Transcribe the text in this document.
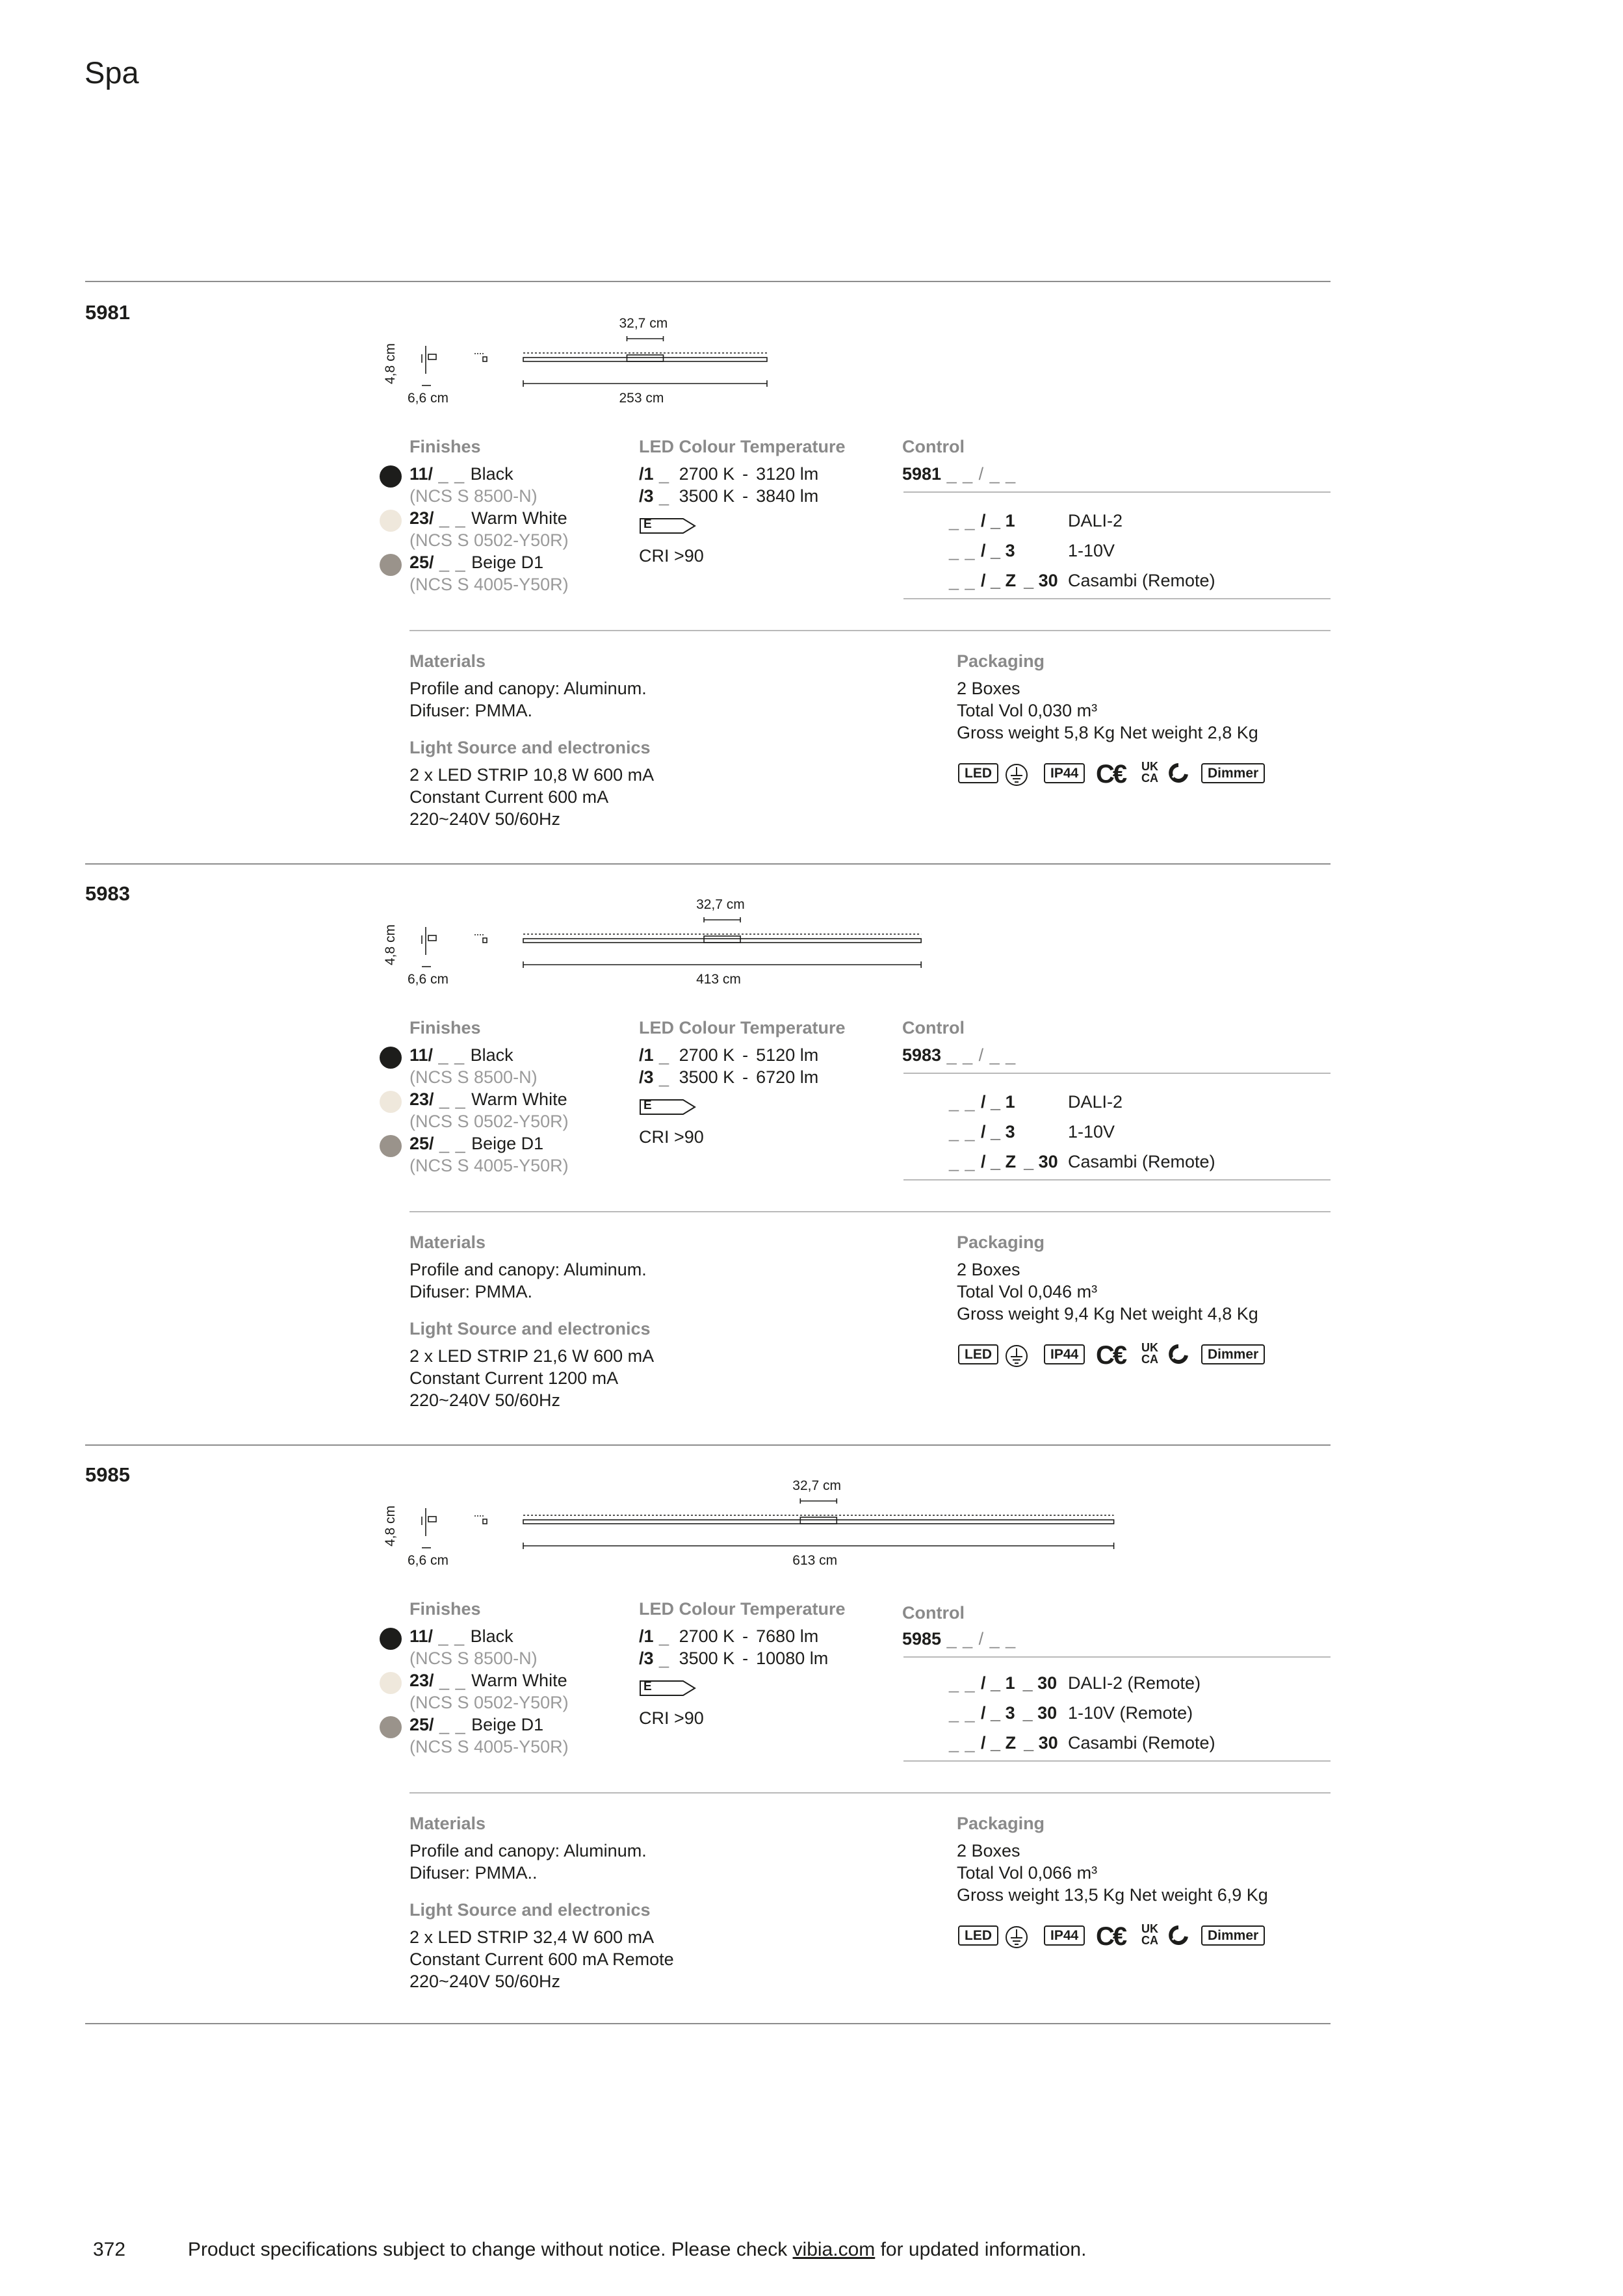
Spa
5981
4,8 cm
32,7 cm
6,6 cm	253 cm
Finishes
11/ _ _ Black
(NCS S 8500-N)
23/ _ _ Warm White
(NCS S 0502-Y50R)
25/ _ _ Beige D1
(NCS S 4005-Y50R)
LED Colour Temperature
/1 _ 2700 K - 3120 lm
/3 _ 3500 K - 3840 lm
E
CRI >90
Control
5981 _ _ / _ _
_ _ / _ 1	DALI-2
_ _ / _ 3	1-10V
_ _ / _ Z _ 30 Casambi (Remote)
Materials
Profile and canopy: Aluminum.
Difuser: PMMA.
Light Source and electronics
2 x LED STRIP 10,8 W 600 mA
Constant Current 600 mA
220~240V 50/60Hz
Packaging
2 Boxes
Total Vol 0,030 m³
Gross weight 5,8 Kg Net weight 2,8 Kg
LED	IP44 C€ UK
CA	Dimmer
5983
4,8 cm
32,7 cm
6,6 cm	413 cm
Finishes
11/ _ _ Black
(NCS S 8500-N)
23/ _ _ Warm White
(NCS S 0502-Y50R)
25/ _ _ Beige D1
(NCS S 4005-Y50R)
LED Colour Temperature
/1 _ 2700 K - 5120 lm
/3 _ 3500 K - 6720 lm
E
CRI >90
Control
5983 _ _ / _ _
_ _ / _ 1	DALI-2
_ _ / _ 3	1-10V
_ _ / _ Z _ 30 Casambi (Remote)
Materials
Profile and canopy: Aluminum.
Difuser: PMMA.
Light Source and electronics
2 x LED STRIP 21,6 W 600 mA
Constant Current 1200 mA
220~240V 50/60Hz
Packaging
2 Boxes
Total Vol 0,046 m³
Gross weight 9,4 Kg Net weight 4,8 Kg
LED	IP44 C€ UK
CA	Dimmer
5985
4,8 cm
32,7 cm
6,6 cm	613 cm
Finishes
11/ _ _ Black
(NCS S 8500-N)
23/ _ _ Warm White
(NCS S 0502-Y50R)
25/ _ _ Beige D1
(NCS S 4005-Y50R)
LED Colour Temperature
/1 _ 2700 K - 7680 lm
/3 _ 3500 K - 10080 lm
E
CRI >90
Control
5985 _ _ / _ _
_ _ / _ 1 _ 30 DALI-2 (Remote)
_ _ / _ 3 _ 30 1-10V (Remote)
_ _ / _ Z _ 30 Casambi (Remote)
Materials
Profile and canopy: Aluminum.
Difuser: PMMA..
Light Source and electronics
2 x LED STRIP 32,4 W 600 mA
Constant Current 600 mA Remote
220~240V 50/60Hz
Packaging
2 Boxes
Total Vol 0,066 m³
Gross weight 13,5 Kg Net weight 6,9 Kg
LED	IP44 C€ UK
CA	Dimmer
372	Product specifications subject to change without notice. Please check vibia.com for updated information.
